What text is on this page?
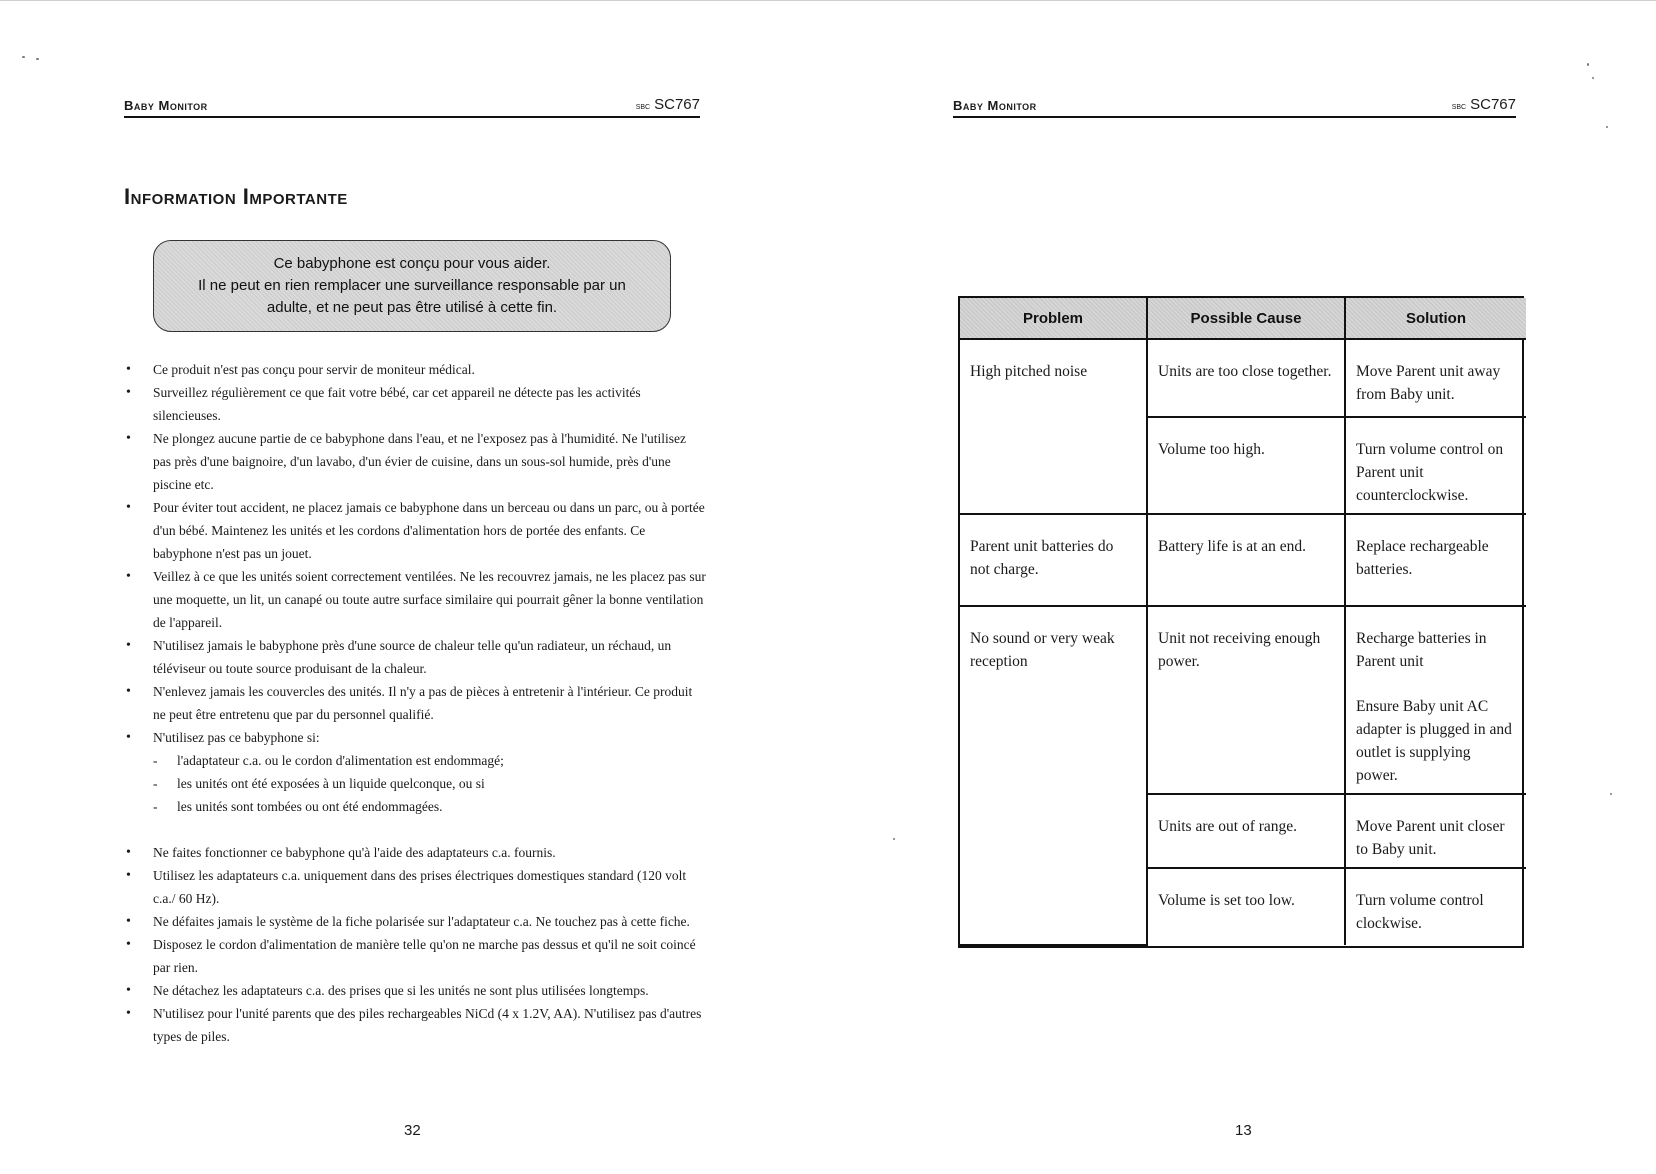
Baby Monitor	sbc SC767
Information Importante
Ce babyphone est conçu pour vous aider.
Il ne peut en rien remplacer une surveillance responsable par un
adulte, et ne peut pas être utilisé à cette fin.
• Ce produit n'est pas conçu pour servir de moniteur médical.
• Surveillez régulièrement ce que fait votre bébé, car cet appareil ne détecte pas les activités silencieuses.
• Ne plongez aucune partie de ce babyphone dans l'eau, et ne l'exposez pas à l'humidité. Ne l'utilisez pas près d'une baignoire, d'un lavabo, d'un évier de cuisine, dans un sous-sol humide, près d'une piscine etc.
• Pour éviter tout accident, ne placez jamais ce babyphone dans un berceau ou dans un parc, ou à portée d'un bébé. Maintenez les unités et les cordons d'alimentation hors de portée des enfants. Ce babyphone n'est pas un jouet.
• Veillez à ce que les unités soient correctement ventilées. Ne les recouvrez jamais, ne les placez pas sur une moquette, un lit, un canapé ou toute autre surface similaire qui pourrait gêner la bonne ventilation de l'appareil.
• N'utilisez jamais le babyphone près d'une source de chaleur telle qu'un radiateur, un réchaud, un téléviseur ou toute source produisant de la chaleur.
• N'enlevez jamais les couvercles des unités. Il n'y a pas de pièces à entretenir à l'intérieur. Ce produit ne peut être entretenu que par du personnel qualifié.
• N'utilisez pas ce babyphone si:
- l'adaptateur c.a. ou le cordon d'alimentation est endommagé;
- les unités ont été exposées à un liquide quelconque, ou si
- les unités sont tombées ou ont été endommagées.
• Ne faites fonctionner ce babyphone qu'à l'aide des adaptateurs c.a. fournis.
• Utilisez les adaptateurs c.a. uniquement dans des prises électriques domestiques standard (120 volt c.a./ 60 Hz).
• Ne défaites jamais le système de la fiche polarisée sur l'adaptateur c.a. Ne touchez pas à cette fiche.
• Disposez le cordon d'alimentation de manière telle qu'on ne marche pas dessus et qu'il ne soit coincé par rien.
• Ne détachez les adaptateurs c.a. des prises que si les unités ne sont plus utilisées longtemps.
• N'utilisez pour l'unité parents que des piles rechargeables NiCd (4 x 1.2V, AA). N'utilisez pas d'autres types de piles.
32
Baby Monitor	sbc SC767
Problem	Possible Cause	Solution
High pitched noise	Units are too close together.	Move Parent unit away from Baby unit.

	Volume too high.	Turn volume control on Parent unit counterclockwise.

Parent unit batteries do not charge.	Battery life is at an end.	Replace rechargeable batteries.

No sound or very weak reception	Unit not receiving enough power.	Recharge batteries in Parent unit
Ensure Baby unit AC adapter is plugged in and outlet is supplying power.

	Units are out of range.	Move Parent unit closer to Baby unit.

	Volume is set too low.	Turn volume control clockwise.
13
